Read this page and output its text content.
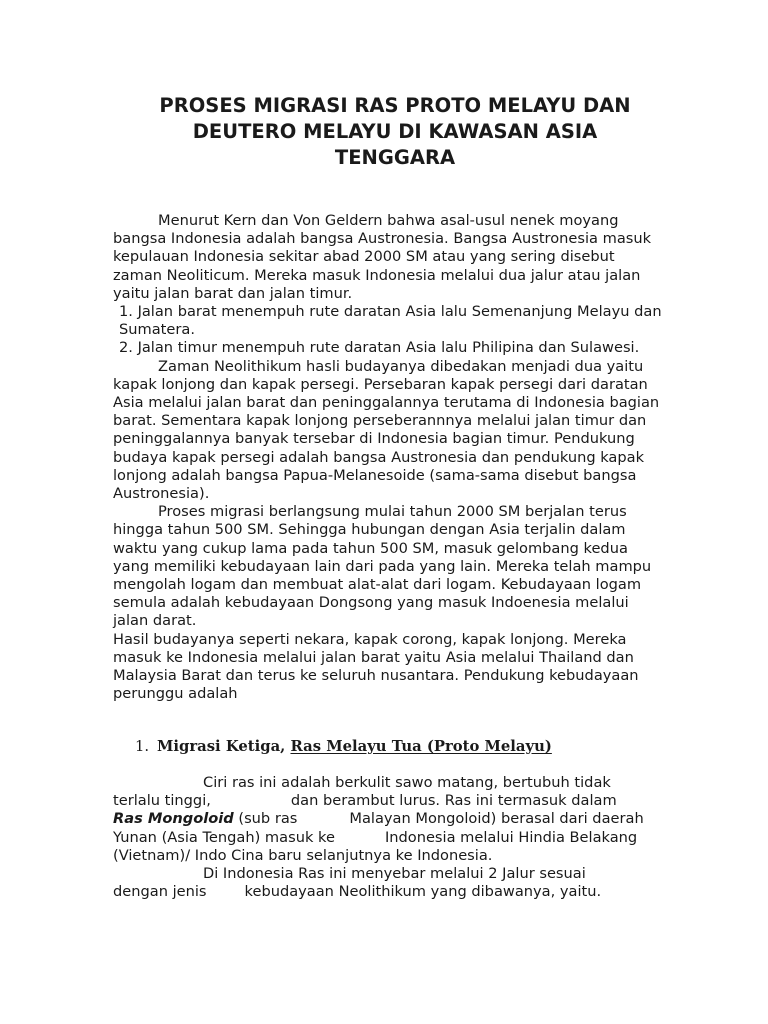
PROSES MIGRASI RAS PROTO MELAYU DAN
DEUTERO MELAYU DI KAWASAN ASIA
TENGGARA

Menurut Kern dan Von Geldern bahwa asal-usul nenek moyang bangsa Indonesia adalah bangsa Austronesia. Bangsa Austronesia masuk kepulauan Indonesia sekitar abad 2000 SM atau yang sering disebut zaman Neoliticum. Mereka masuk Indonesia melalui dua jalur atau jalan yaitu jalan barat dan jalan timur.

1. Jalan barat menempuh rute daratan Asia lalu Semenanjung Melayu dan Sumatera.

2. Jalan timur menempuh rute daratan Asia lalu Philipina dan Sulawesi.

Zaman Neolithikum hasli budayanya dibedakan menjadi dua yaitu kapak lonjong dan kapak persegi. Persebaran kapak persegi dari daratan Asia melalui jalan barat dan peninggalannya terutama di Indonesia bagian barat. Sementara kapak lonjong perseberannnya melalui jalan timur dan peninggalannya banyak tersebar di Indonesia bagian timur. Pendukung budaya kapak persegi adalah bangsa Austronesia dan pendukung kapak lonjong adalah bangsa Papua-Melanesoide (sama-sama disebut bangsa Austronesia).

Proses migrasi berlangsung mulai tahun 2000 SM berjalan terus hingga tahun 500 SM. Sehingga hubungan dengan Asia terjalin dalam waktu yang cukup lama pada tahun 500 SM, masuk gelombang kedua yang memiliki kebudayaan lain dari pada yang lain. Mereka telah mampu mengolah logam dan membuat alat-alat dari logam. Kebudayaan logam semula adalah kebudayaan Dongsong yang masuk Indoenesia melalui jalan darat.

Hasil budayanya seperti nekara, kapak corong, kapak lonjong. Mereka masuk ke Indonesia melalui jalan barat yaitu Asia melalui Thailand dan Malaysia Barat dan terus ke seluruh nusantara. Pendukung kebudayaan perunggu adalah

1. Migrasi Ketiga, Ras Melayu Tua (Proto Melayu)

Ciri ras ini adalah berkulit sawo matang, bertubuh tidak
terlalu tinggi,	dan berambut lurus. Ras ini termasuk dalam
Ras Mongoloid (sub ras	Malayan Mongoloid) berasal dari daerah
Yunan (Asia Tengah) masuk ke	Indonesia melalui Hindia Belakang
(Vietnam)/ Indo Cina baru selanjutnya ke Indonesia.

Di Indonesia Ras ini menyebar melalui 2 Jalur sesuai
dengan jenis	kebudayaan Neolithikum yang dibawanya, yaitu.
